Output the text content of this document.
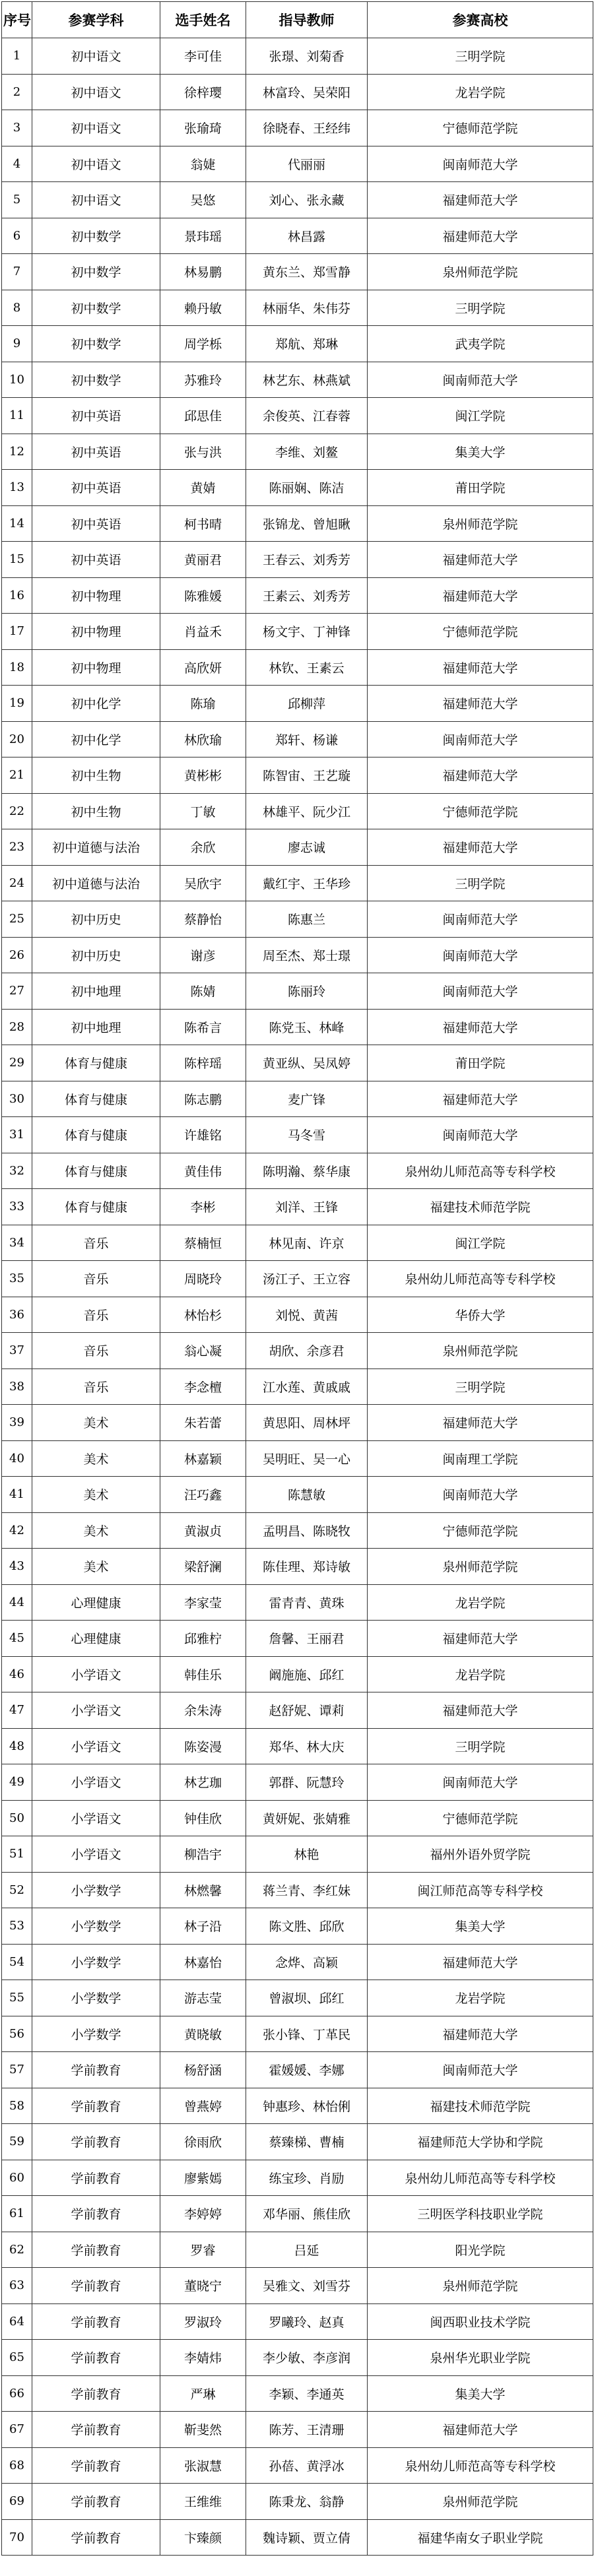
序号	参赛学科	选手姓名	指导教师	参赛高校
1	初中语文	李可佳	张璟、刘菊香	三明学院
2	初中语文	徐梓璎	林富玲、吴荣阳	龙岩学院
3	初中语文	张瑜琦	徐晓春、王经纬	宁德师范学院
4	初中语文	翁婕	代丽丽	闽南师范大学
5	初中语文	吴悠	刘心、张永藏	福建师范大学
6	初中数学	景玮瑶	林昌露	福建师范大学
7	初中数学	林易鹏	黄东兰、郑雪静	泉州师范学院
8	初中数学	赖丹敏	林丽华、朱伟芬	三明学院
9	初中数学	周学栎	郑航、郑琳	武夷学院
10	初中数学	苏雅玲	林艺东、林燕斌	闽南师范大学
11	初中英语	邱思佳	余俊英、江春蓉	闽江学院
12	初中英语	张与洪	李维、刘鳌	集美大学
13	初中英语	黄婧	陈丽娴、陈洁	莆田学院
14	初中英语	柯书晴	张锦龙、曾旭瞅	泉州师范学院
15	初中英语	黄丽君	王春云、刘秀芳	福建师范大学
16	初中物理	陈雅媛	王素云、刘秀芳	福建师范大学
17	初中物理	肖益禾	杨文宇、丁神锋	宁德师范学院
18	初中物理	高欣妍	林钦、王素云	福建师范大学
19	初中化学	陈瑜	邱柳萍	福建师范大学
20	初中化学	林欣瑜	郑轩、杨谦	闽南师范大学
21	初中生物	黄彬彬	陈智宙、王艺璇	福建师范大学
22	初中生物	丁敏	林雄平、阮少江	宁德师范学院
23	初中道德与法治	余欣	廖志诚	福建师范大学
24	初中道德与法治	吴欣宇	戴红宇、王华珍	三明学院
25	初中历史	蔡静怡	陈惠兰	闽南师范大学
26	初中历史	谢彦	周至杰、郑士璟	闽南师范大学
27	初中地理	陈婧	陈丽玲	闽南师范大学
28	初中地理	陈希言	陈党玉、林峰	福建师范大学
29	体育与健康	陈梓瑶	黄亚纵、吴凤婷	莆田学院
30	体育与健康	陈志鹏	麦广锋	福建师范大学
31	体育与健康	许雄铭	马冬雪	闽南师范大学
32	体育与健康	黄佳伟	陈明瀚、蔡华康	泉州幼儿师范高等专科学校
33	体育与健康	李彬	刘洋、王锋	福建技术师范学院
34	音乐	蔡楠恒	林见南、许京	闽江学院
35	音乐	周晓玲	汤江子、王立容	泉州幼儿师范高等专科学校
36	音乐	林怡杉	刘悦、黄茜	华侨大学
37	音乐	翁心凝	胡欣、余彦君	泉州师范学院
38	音乐	李念檀	江水莲、黄戚戚	三明学院
39	美术	朱若蕾	黄思阳、周林坪	福建师范大学
40	美术	林嘉颖	吴明旺、吴一心	闽南理工学院
41	美术	汪巧鑫	陈慧敏	闽南师范大学
42	美术	黄淑贞	孟明昌、陈晓牧	宁德师范学院
43	美术	梁舒澜	陈佳理、郑诗敏	泉州师范学院
44	心理健康	李家莹	雷青青、黄珠	龙岩学院
45	心理健康	邱雅柠	詹馨、王丽君	福建师范大学
46	小学语文	韩佳乐	阚施施、邱红	龙岩学院
47	小学语文	余朱涛	赵舒妮、谭莉	福建师范大学
48	小学语文	陈姿漫	郑华、林大庆	三明学院
49	小学语文	林艺珈	郭群、阮慧玲	闽南师范大学
50	小学语文	钟佳欣	黄妍妮、张婧雅	宁德师范学院
51	小学语文	柳浩宇	林艳	福州外语外贸学院
52	小学数学	林燃馨	蒋兰青、李红妹	闽江师范高等专科学校
53	小学数学	林子沿	陈文胜、邱欣	集美大学
54	小学数学	林嘉怡	念烨、高颖	福建师范大学
55	小学数学	游志莹	曾淑坝、邱红	龙岩学院
56	小学数学	黄晓敏	张小锋、丁革民	福建师范大学
57	学前教育	杨舒涵	霍媛媛、李娜	闽南师范大学
58	学前教育	曾燕婷	钟惠珍、林怡俐	福建技术师范学院
59	学前教育	徐雨欣	蔡臻梯、曹楠	福建师范大学协和学院
60	学前教育	廖紫嫣	练宝珍、肖励	泉州幼儿师范高等专科学校
61	学前教育	李婷婷	邓华丽、熊佳欣	三明医学科技职业学院
62	学前教育	罗睿	吕延	阳光学院
63	学前教育	董晓宁	吴雅文、刘雪芬	泉州师范学院
64	学前教育	罗淑玲	罗曦玲、赵真	闽西职业技术学院
65	学前教育	李婧炜	李少敏、李彦润	泉州华光职业学院
66	学前教育	严琳	李颖、李通英	集美大学
67	学前教育	靳斐然	陈芳、王清珊	福建师范大学
68	学前教育	张淑慧	孙蓓、黄浮冰	泉州幼儿师范高等专科学校
69	学前教育	王维维	陈秉龙、翁静	泉州师范学院
70	学前教育	卞臻颜	魏诗颖、贾立倩	福建华南女子职业学院
